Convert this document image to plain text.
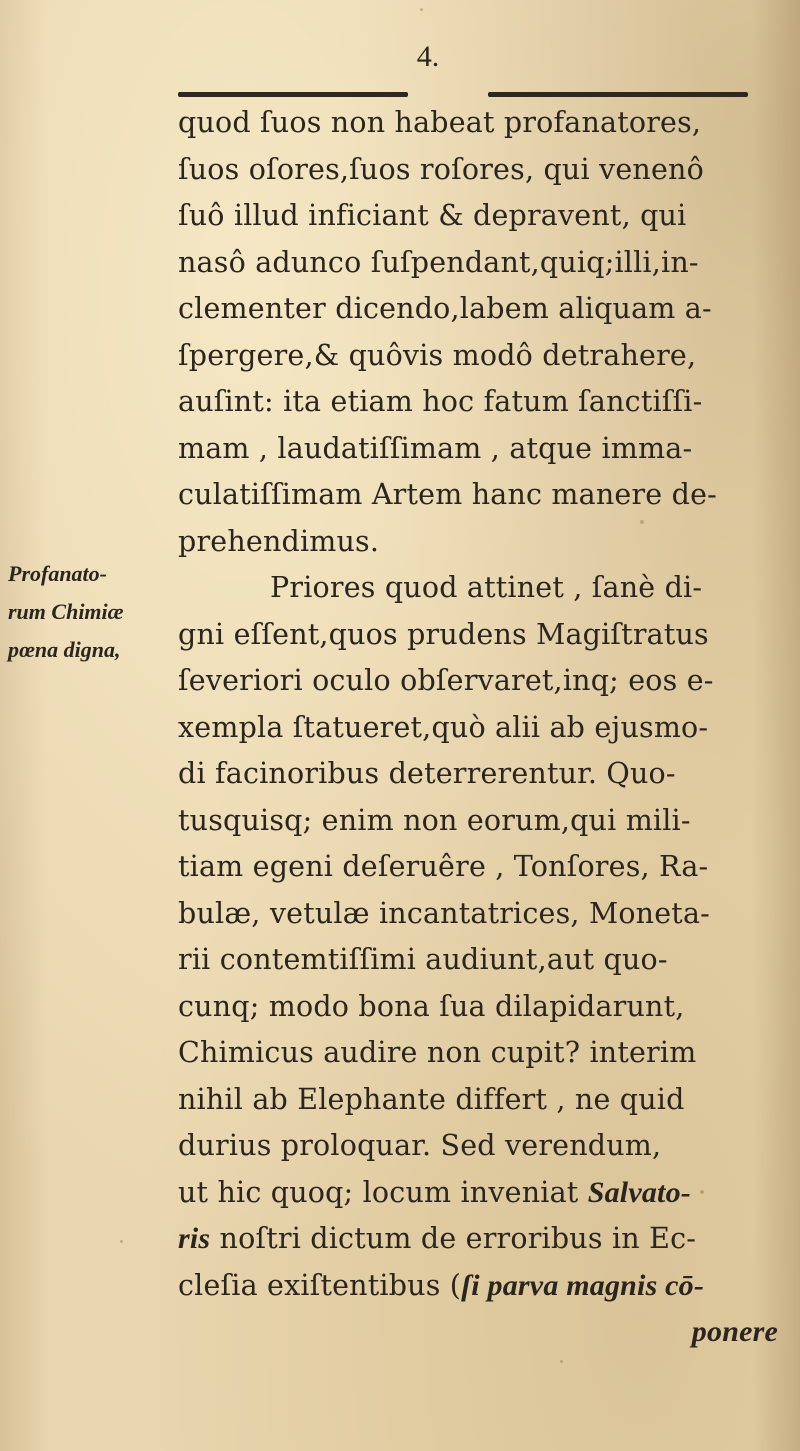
4.
Profanato-
rum Chimiæ
pœna digna,
quod ſuos non habeat profanatores,
ſuos oſores,ſuos roſores, qui venenô
ſuô illud inficiant & depravent, qui
nasô adunco ſuſpendant,quiq;illi,in-
clementer dicendo,labem aliquam a-
ſpergere,& quôvis modô detrahere,
auſint: ita etiam hoc fatum ſanctiſſi-
mam , laudatiſſimam , atque imma-
culatiſſimam Artem hanc manere de-
prehendimus.
Priores quod attinet , ſanè di-
gni eſſent,quos prudens Magiſtratus
ſeveriori oculo obſervaret,inq; eos e-
xempla ſtatueret,quò alii ab ejusmo-
di facinoribus deterrerentur. Quo-
tusquisq; enim non eorum,qui mili-
tiam egeni deſeruêre , Tonſores, Ra-
bulæ, vetulæ incantatrices, Moneta-
rii contemtiſſimi audiunt,aut quo-
cunq; modo bona ſua dilapidarunt,
Chimicus audire non cupit? interim
nihil ab Elephante differt , ne quid
durius proloquar. Sed verendum,
ut hic quoq; locum inveniat Salvato-
ris noſtri dictum de erroribus in Ec-
cleſia exiſtentibus (ſi parva magnis cō-
ponere
